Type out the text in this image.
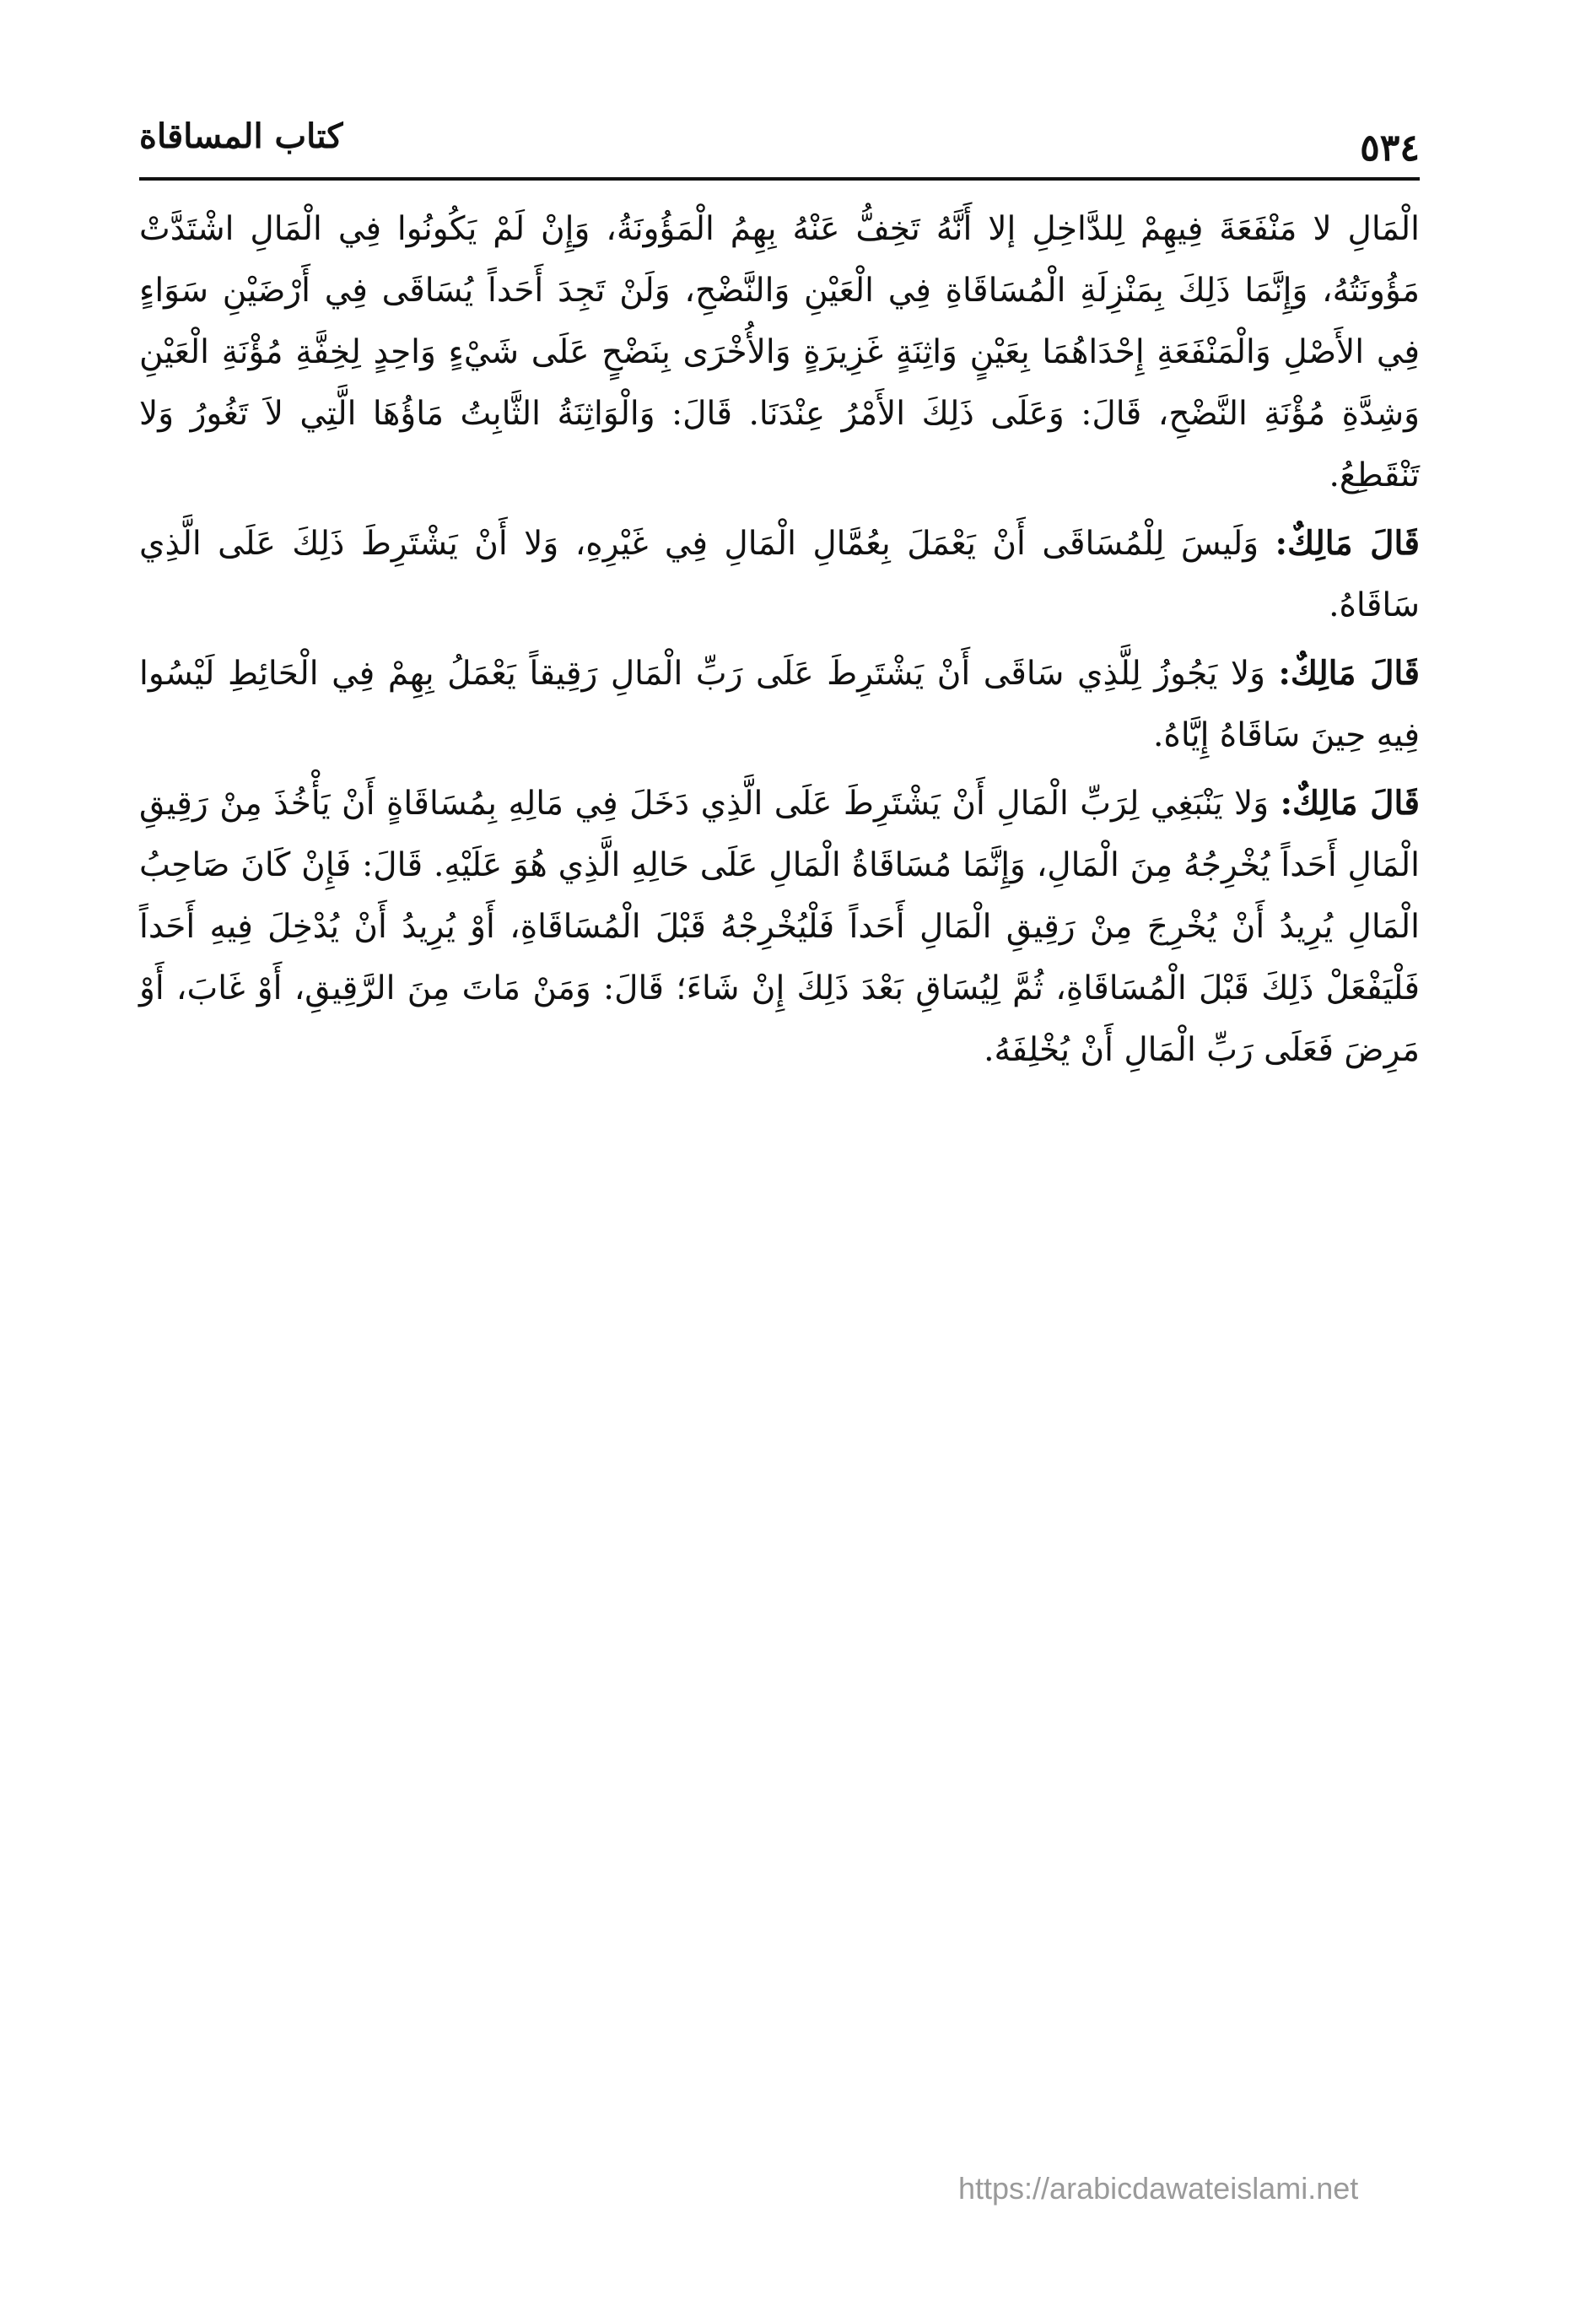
٥٣٤
كتاب المساقاة

الْمَالِ لا مَنْفَعَةَ فِيهِمْ لِلدَّاخِلِ إلا أَنَّهُ تَخِفُّ عَنْهُ بِهِمُ الْمَؤُونَةُ، وَإِنْ لَمْ يَكُونُوا فِي الْمَالِ اشْتَدَّتْ مَؤُونَتُهُ، وَإِنَّمَا ذَلِكَ بِمَنْزِلَةِ الْمُسَاقَاةِ فِي الْعَيْنِ وَالنَّضْحِ، وَلَنْ تَجِدَ أَحَداً يُسَاقَى فِي أَرْضَيْنِ سَوَاءٍ فِي الأَصْلِ وَالْمَنْفَعَةِ إِحْدَاهُمَا بِعَيْنٍ وَاثِنَةٍ غَزِيرَةٍ وَالأُخْرَى بِنَضْحٍ عَلَى شَيْءٍ وَاحِدٍ لِخِفَّةِ مُؤْنَةِ الْعَيْنِ وَشِدَّةِ مُؤْنَةِ النَّضْحِ، قَالَ: وَعَلَى ذَلِكَ الأَمْرُ عِنْدَنَا. قَالَ: وَالْوَاثِنَةُ الثَّابِتُ مَاؤُهَا الَّتِي لاَ تَغُورُ وَلا تَنْقَطِعُ.

قَالَ مَالِكٌ: وَلَيسَ لِلْمُسَاقَى أَنْ يَعْمَلَ بِعُمَّالِ الْمَالِ فِي غَيْرِهِ، وَلا أَنْ يَشْتَرِطَ ذَلِكَ عَلَى الَّذِي سَاقَاهُ.

قَالَ مَالِكٌ: وَلا يَجُوزُ لِلَّذِي سَاقَى أَنْ يَشْتَرِطَ عَلَى رَبِّ الْمَالِ رَقِيقاً يَعْمَلُ بِهِمْ فِي الْحَائِطِ لَيْسُوا فِيهِ حِينَ سَاقَاهُ إِيَّاهُ.

قَالَ مَالِكٌ: وَلا يَنْبَغِي لِرَبِّ الْمَالِ أَنْ يَشْتَرِطَ عَلَى الَّذِي دَخَلَ فِي مَالِهِ بِمُسَاقَاةٍ أَنْ يَأْخُذَ مِنْ رَقِيقِ الْمَالِ أَحَداً يُخْرِجُهُ مِنَ الْمَالِ، وَإِنَّمَا مُسَاقَاةُ الْمَالِ عَلَى حَالِهِ الَّذِي هُوَ عَلَيْهِ. قَالَ: فَإِنْ كَانَ صَاحِبُ الْمَالِ يُرِيدُ أَنْ يُخْرِجَ مِنْ رَقِيقِ الْمَالِ أَحَداً فَلْيُخْرِجْهُ قَبْلَ الْمُسَاقَاةِ، أَوْ يُرِيدُ أَنْ يُدْخِلَ فِيهِ أَحَداً فَلْيَفْعَلْ ذَلِكَ قَبْلَ الْمُسَاقَاةِ، ثُمَّ لِيُسَاقِ بَعْدَ ذَلِكَ إِنْ شَاءَ؛ قَالَ: وَمَنْ مَاتَ مِنَ الرَّقِيقِ، أَوْ غَابَ، أَوْ مَرِضَ فَعَلَى رَبِّ الْمَالِ أَنْ يُخْلِفَهُ.

https://arabicdawateislami.net
